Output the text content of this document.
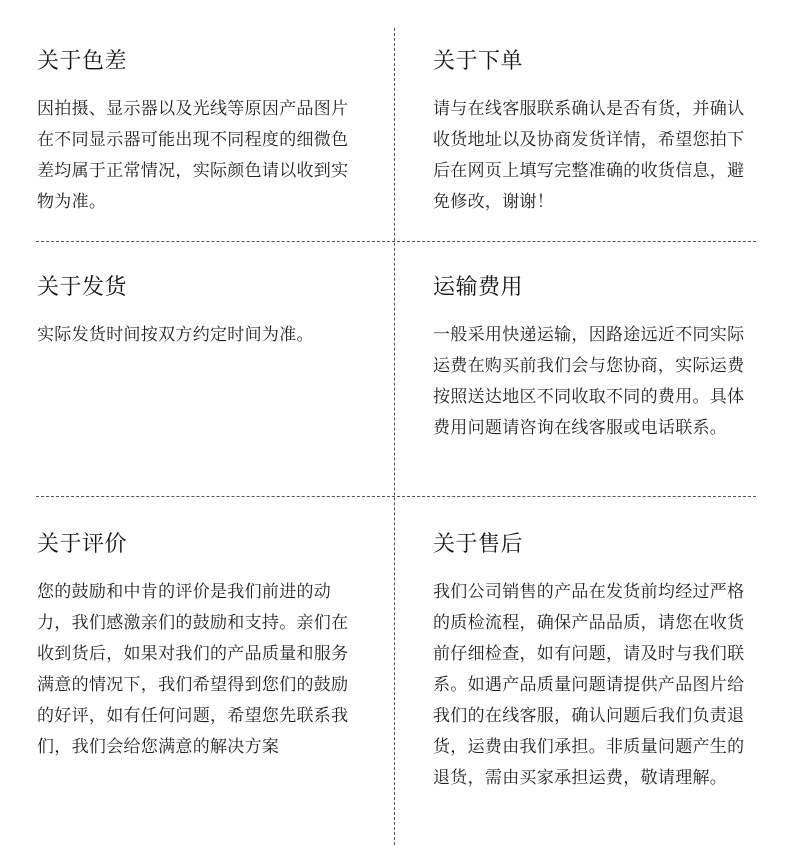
关于色差

因拍摄、显示器以及光线等原因产品图片在不同显示器可能出现不同程度的细微色差均属于正常情况，实际颜色请以收到实物为准。

关于下单

请与在线客服联系确认是否有货，并确认收货地址以及协商发货详情，希望您拍下后在网页上填写完整准确的收货信息，避免修改，谢谢！

关于发货

实际发货时间按双方约定时间为准。

运输费用

一般采用快递运输，因路途远近不同实际运费在购买前我们会与您协商，实际运费按照送达地区不同收取不同的费用。具体费用问题请咨询在线客服或电话联系。

关于评价

您的鼓励和中肯的评价是我们前进的动力，我们感激亲们的鼓励和支持。亲们在收到货后，如果对我们的产品质量和服务满意的情况下，我们希望得到您们的鼓励的好评，如有任何问题，希望您先联系我们，我们会给您满意的解决方案

关于售后

我们公司销售的产品在发货前均经过严格的质检流程，确保产品品质，请您在收货前仔细检查，如有问题，请及时与我们联系。如遇产品质量问题请提供产品图片给我们的在线客服，确认问题后我们负责退货，运费由我们承担。非质量问题产生的退货，需由买家承担运费，敬请理解。
